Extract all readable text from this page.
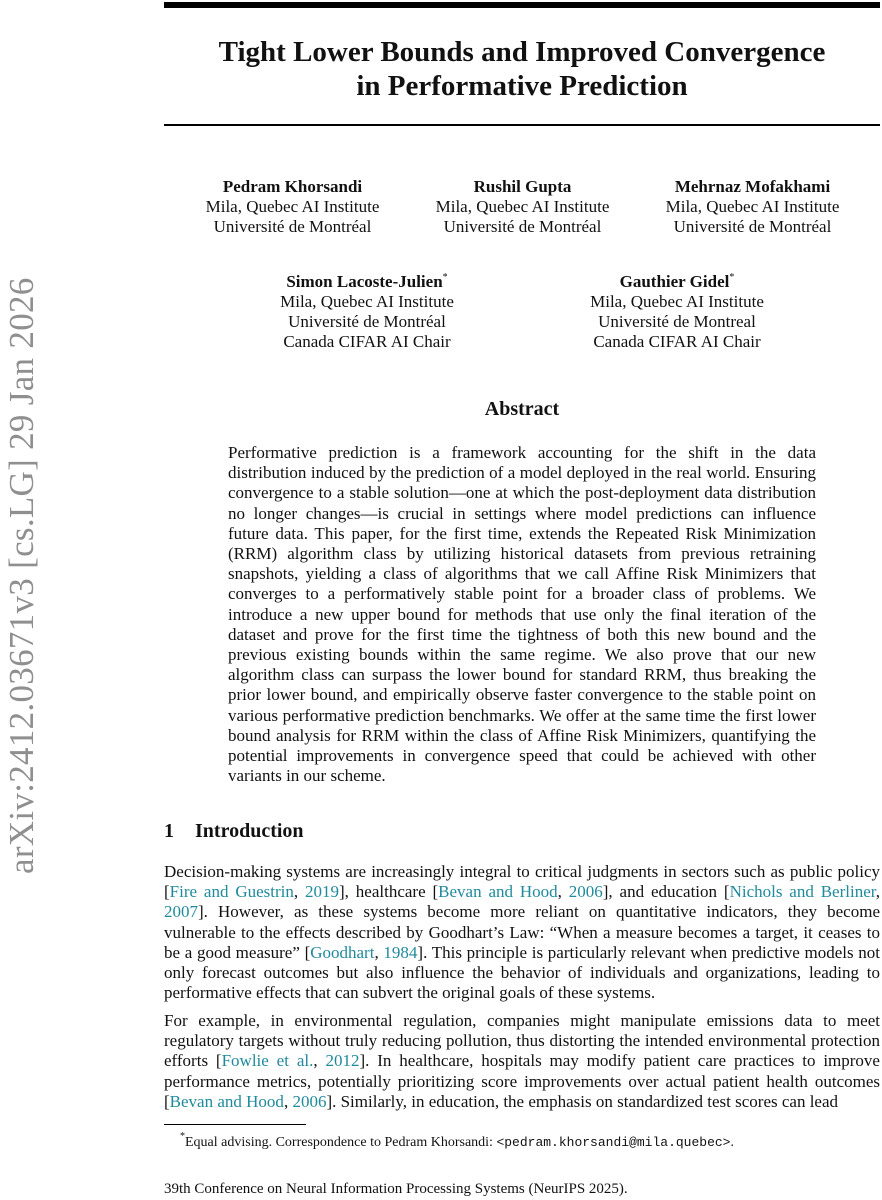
arXiv:2412.03671v3 [cs.LG] 29 Jan 2026
Tight Lower Bounds and Improved Convergence
in Performative Prediction
Pedram Khorsandi
Mila, Quebec AI Institute
Université de Montréal
Rushil Gupta
Mila, Quebec AI Institute
Université de Montréal
Mehrnaz Mofakhami
Mila, Quebec AI Institute
Université de Montréal
Simon Lacoste-Julien*
Mila, Quebec AI Institute
Université de Montréal
Canada CIFAR AI Chair
Gauthier Gidel*
Mila, Quebec AI Institute
Université de Montreal
Canada CIFAR AI Chair
Abstract

Performative prediction is a framework accounting for the shift in the data distribution induced by the prediction of a model deployed in the real world. Ensuring convergence to a stable solution—one at which the post-deployment data distribution no longer changes—is crucial in settings where model predictions can influence future data. This paper, for the first time, extends the Repeated Risk Minimization (RRM) algorithm class by utilizing historical datasets from previous retraining snapshots, yielding a class of algorithms that we call Affine Risk Minimizers that converges to a performatively stable point for a broader class of problems. We introduce a new upper bound for methods that use only the final iteration of the dataset and prove for the first time the tightness of both this new bound and the previous existing bounds within the same regime. We also prove that our new algorithm class can surpass the lower bound for standard RRM, thus breaking the prior lower bound, and empirically observe faster convergence to the stable point on various performative prediction benchmarks. We offer at the same time the first lower bound analysis for RRM within the class of Affine Risk Minimizers, quantifying the potential improvements in convergence speed that could be achieved with other variants in our scheme.

1 Introduction

Decision-making systems are increasingly integral to critical judgments in sectors such as public policy [Fire and Guestrin, 2019], healthcare [Bevan and Hood, 2006], and education [Nichols and Berliner, 2007]. However, as these systems become more reliant on quantitative indicators, they become vulnerable to the effects described by Goodhart’s Law: “When a measure becomes a target, it ceases to be a good measure” [Goodhart, 1984]. This principle is particularly relevant when predictive models not only forecast outcomes but also influence the behavior of individuals and organizations, leading to performative effects that can subvert the original goals of these systems.

For example, in environmental regulation, companies might manipulate emissions data to meet regulatory targets without truly reducing pollution, thus distorting the intended environmental protection efforts [Fowlie et al., 2012]. In healthcare, hospitals may modify patient care practices to improve performance metrics, potentially prioritizing score improvements over actual patient health outcomes [Bevan and Hood, 2006]. Similarly, in education, the emphasis on standardized test scores can lead

*Equal advising. Correspondence to Pedram Khorsandi: <pedram.khorsandi@mila.quebec>.
39th Conference on Neural Information Processing Systems (NeurIPS 2025).
